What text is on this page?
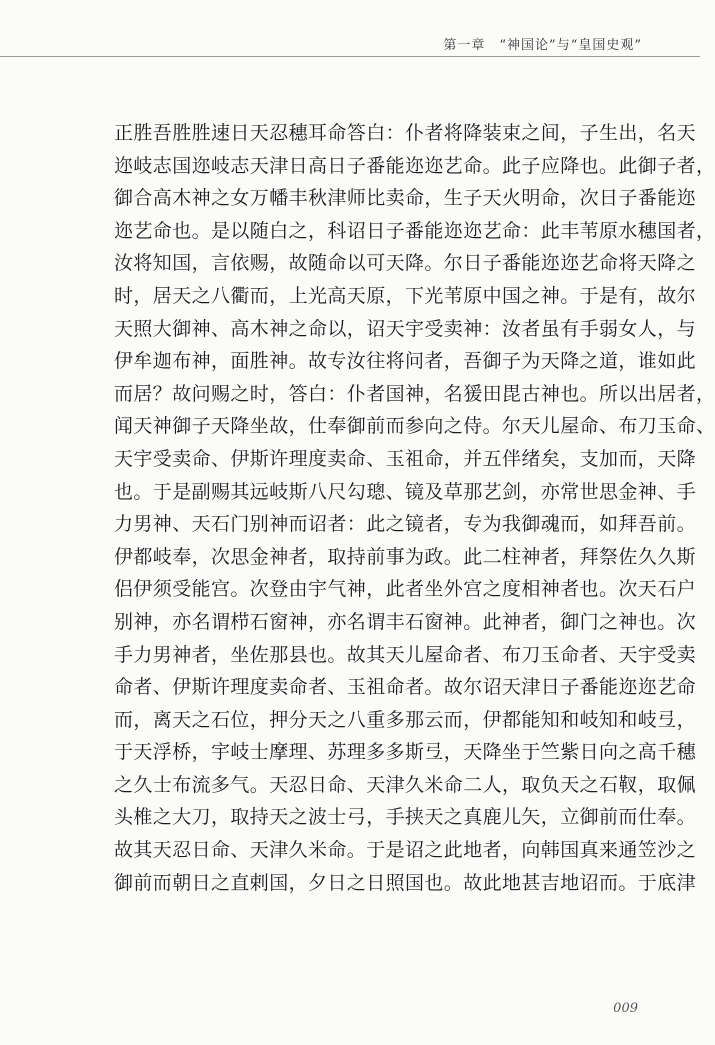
第一章　“神国论”与“皇国史观”
正胜吾胜胜速日天忍穗耳命答白：仆者将降装束之间，子生出，名天
迩岐志国迩岐志天津日高日子番能迩迩艺命。此子应降也。此御子者，
御合高木神之女万幡丰秋津师比卖命，生子天火明命，次日子番能迩
迩艺命也。是以随白之，科诏日子番能迩迩艺命：此丰苇原水穗国者，
汝将知国，言依赐，故随命以可天降。尔日子番能迩迩艺命将天降之
时，居天之八衢而，上光高天原，下光苇原中国之神。于是有，故尔
天照大御神、高木神之命以，诏天宇受卖神：汝者虽有手弱女人，与
伊牟迦布神，面胜神。故专汝往将问者，吾御子为天降之道，谁如此
而居？故问赐之时，答白：仆者国神，名猨田毘古神也。所以出居者，
闻天神御子天降坐故，仕奉御前而参向之侍。尔天儿屋命、布刀玉命、
天宇受卖命、伊斯许理度卖命、玉祖命，并五伴绪矣，支加而，天降
也。于是副赐其远岐斯八尺勾璁、镜及草那艺剑，亦常世思金神、手
力男神、天石门别神而诏者：此之镜者，专为我御魂而，如拜吾前。
伊都岐奉，次思金神者，取持前事为政。此二柱神者，拜祭佐久久斯
侣伊须受能宫。次登由宇气神，此者坐外宫之度相神者也。次天石户
别神，亦名谓栉石窗神，亦名谓丰石窗神。此神者，御门之神也。次
手力男神者，坐佐那县也。故其天儿屋命者、布刀玉命者、天宇受卖
命者、伊斯许理度卖命者、玉祖命者。故尔诏天津日子番能迩迩艺命
而，离天之石位，押分天之八重多那云而，伊都能知和岐知和岐弖，
于天浮桥，宇岐士摩理、苏理多多斯弖，天降坐于竺紫日向之高千穗
之久士布流多气。天忍日命、天津久米命二人，取负天之石靫，取佩
头椎之大刀，取持天之波士弓，手挟天之真鹿儿矢，立御前而仕奉。
故其天忍日命、天津久米命。于是诏之此地者，向韩国真来通笠沙之
御前而朝日之直剌国，夕日之日照国也。故此地甚吉地诏而。于底津
009
